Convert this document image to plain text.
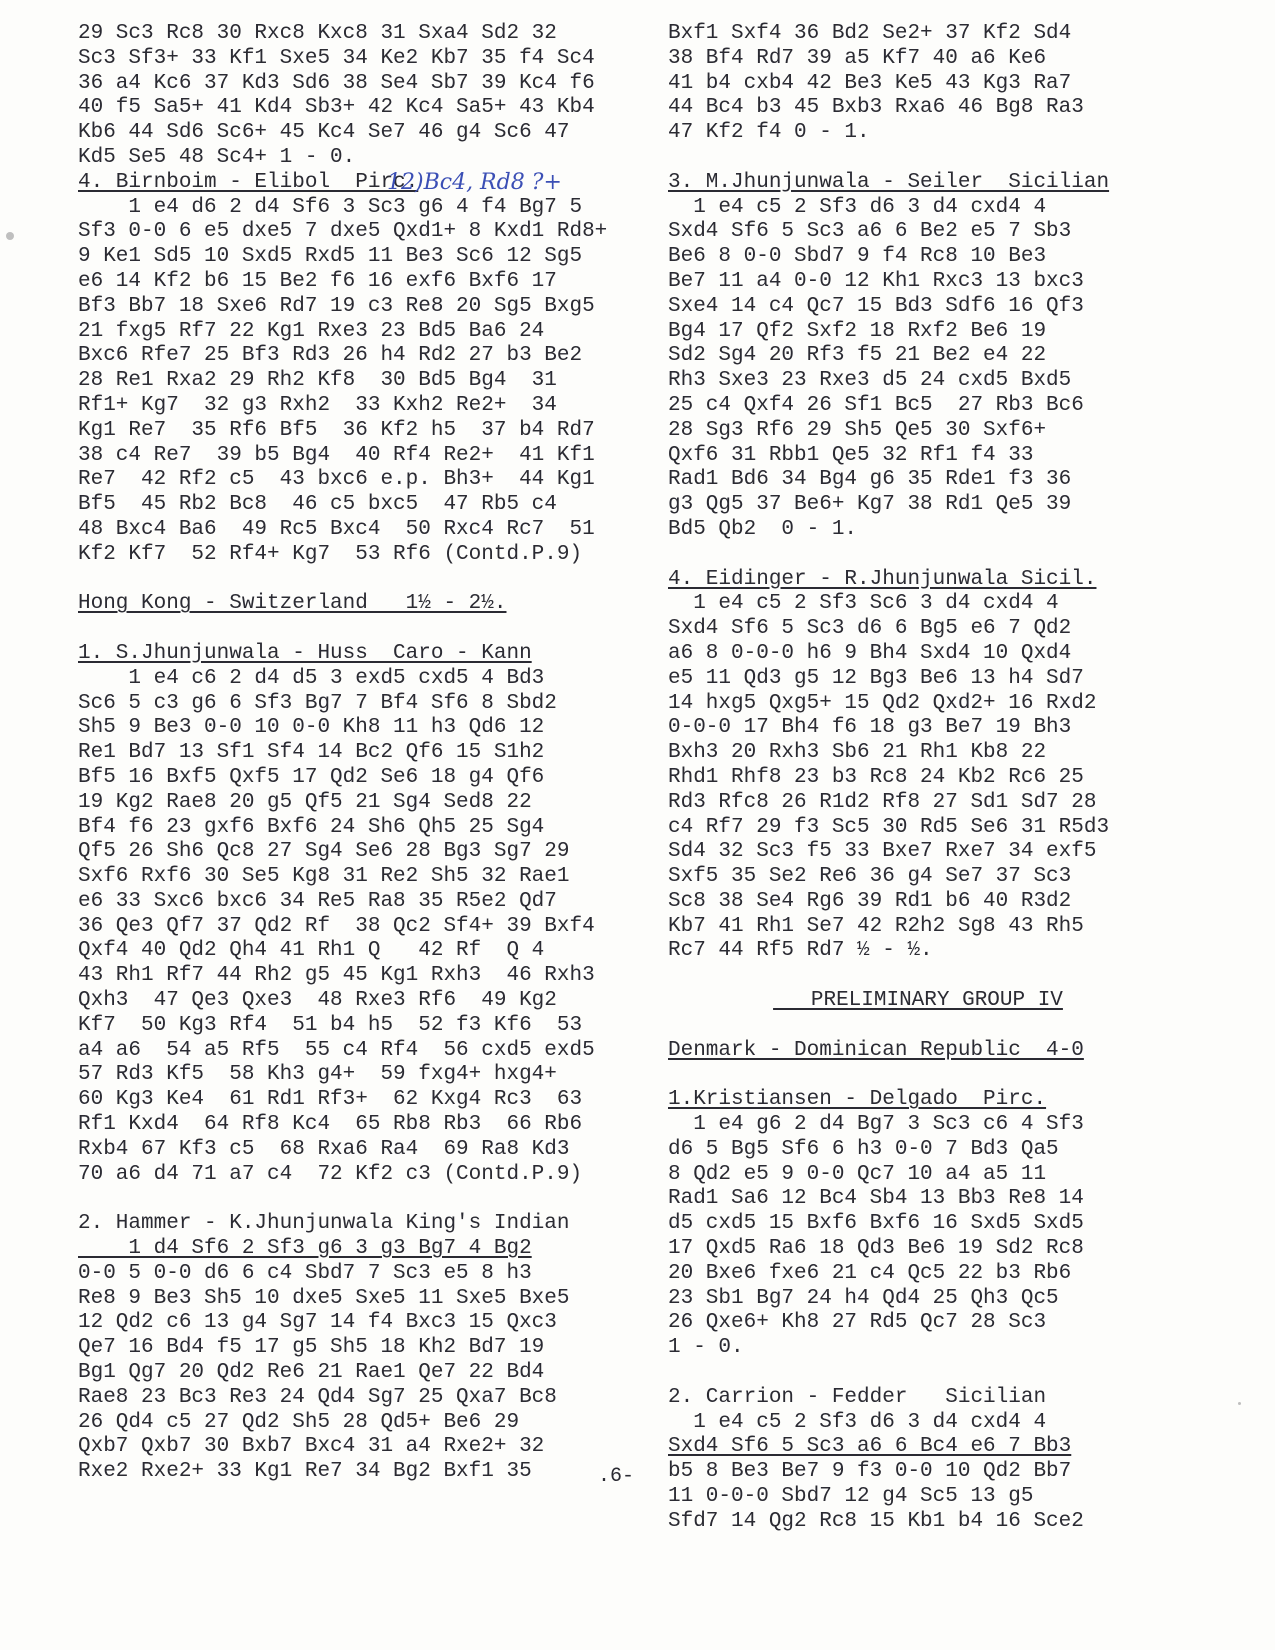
29 Sc3 Rc8 30 Rxc8 Kxc8 31 Sxa4 Sd2 32
Sc3 Sf3+ 33 Kf1 Sxe5 34 Ke2 Kb7 35 f4 Sc4
36 a4 Kc6 37 Kd3 Sd6 38 Se4 Sb7 39 Kc4 f6
40 f5 Sa5+ 41 Kd4 Sb3+ 42 Kc4 Sa5+ 43 Kb4
Kb6 44 Sd6 Sc6+ 45 Kc4 Se7 46 g4 Sc6 47
Kd5 Se5 48 Sc4+ 1 - 0.
4. Birnboim - Elibol  Pirc.
1 e4 d6 2 d4 Sf6 3 Sc3 g6 4 f4 Bg7 5
Sf3 0-0 6 e5 dxe5 7 dxe5 Qxd1+ 8 Kxd1 Rd8+
9 Ke1 Sd5 10 Sxd5 Rxd5 11 Be3 Sc6 12 Sg5
e6 14 Kf2 b6 15 Be2 f6 16 exf6 Bxf6 17
Bf3 Bb7 18 Sxe6 Rd7 19 c3 Re8 20 Sg5 Bxg5
21 fxg5 Rf7 22 Kg1 Rxe3 23 Bd5 Ba6 24
Bxc6 Rfe7 25 Bf3 Rd3 26 h4 Rd2 27 b3 Be2
28 Re1 Rxa2 29 Rh2 Kf8  30 Bd5 Bg4  31
Rf1+ Kg7  32 g3 Rxh2  33 Kxh2 Re2+  34
Kg1 Re7  35 Rf6 Bf5  36 Kf2 h5  37 b4 Rd7
38 c4 Re7  39 b5 Bg4  40 Rf4 Re2+  41 Kf1
Re7  42 Rf2 c5  43 bxc6 e.p. Bh3+  44 Kg1
Bf5  45 Rb2 Bc8  46 c5 bxc5  47 Rb5 c4
48 Bxc4 Ba6  49 Rc5 Bxc4  50 Rxc4 Rc7  51
Kf2 Kf7  52 Rf4+ Kg7  53 Rf6 (Contd.P.9)
Hong Kong - Switzerland   1½ - 2½.
1. S.Jhunjunwala - Huss  Caro - Kann
1 e4 c6 2 d4 d5 3 exd5 cxd5 4 Bd3
Sc6 5 c3 g6 6 Sf3 Bg7 7 Bf4 Sf6 8 Sbd2
Sh5 9 Be3 0-0 10 0-0 Kh8 11 h3 Qd6 12
Re1 Bd7 13 Sf1 Sf4 14 Bc2 Qf6 15 S1h2
Bf5 16 Bxf5 Qxf5 17 Qd2 Se6 18 g4 Qf6
19 Kg2 Rae8 20 g5 Qf5 21 Sg4 Sed8 22
Bf4 f6 23 gxf6 Bxf6 24 Sh6 Qh5 25 Sg4
Qf5 26 Sh6 Qc8 27 Sg4 Se6 28 Bg3 Sg7 29
Sxf6 Rxf6 30 Se5 Kg8 31 Re2 Sh5 32 Rae1
e6 33 Sxc6 bxc6 34 Re5 Ra8 35 R5e2 Qd7
36 Qe3 Qf7 37 Qd2 Rf  38 Qc2 Sf4+ 39 Bxf4
Qxf4 40 Qd2 Qh4 41 Rh1 Q   42 Rf  Q 4
43 Rh1 Rf7 44 Rh2 g5 45 Kg1 Rxh3  46 Rxh3
Qxh3  47 Qe3 Qxe3  48 Rxe3 Rf6  49 Kg2
Kf7  50 Kg3 Rf4  51 b4 h5  52 f3 Kf6  53
a4 a6  54 a5 Rf5  55 c4 Rf4  56 cxd5 exd5
57 Rd3 Kf5  58 Kh3 g4+  59 fxg4+ hxg4+
60 Kg3 Ke4  61 Rd1 Rf3+  62 Kxg4 Rc3  63
Rf1 Kxd4  64 Rf8 Kc4  65 Rb8 Rb3  66 Rb6
Rxb4 67 Kf3 c5  68 Rxa6 Ra4  69 Ra8 Kd3
70 a6 d4 71 a7 c4  72 Kf2 c3 (Contd.P.9)
2. Hammer - K.Jhunjunwala King's Indian
1 d4 Sf6 2 Sf3 g6 3 g3 Bg7 4 Bg2
0-0 5 0-0 d6 6 c4 Sbd7 7 Sc3 e5 8 h3
Re8 9 Be3 Sh5 10 dxe5 Sxe5 11 Sxe5 Bxe5
12 Qd2 c6 13 g4 Sg7 14 f4 Bxc3 15 Qxc3
Qe7 16 Bd4 f5 17 g5 Sh5 18 Kh2 Bd7 19
Bg1 Qg7 20 Qd2 Re6 21 Rae1 Qe7 22 Bd4
Rae8 23 Bc3 Re3 24 Qd4 Sg7 25 Qxa7 Bc8
26 Qd4 c5 27 Qd2 Sh5 28 Qd5+ Be6 29
Qxb7 Qxb7 30 Bxb7 Bxc4 31 a4 Rxe2+ 32
Rxe2 Rxe2+ 33 Kg1 Re7 34 Bg2 Bxf1 35
Bxf1 Sxf4 36 Bd2 Se2+ 37 Kf2 Sd4
38 Bf4 Rd7 39 a5 Kf7 40 a6 Ke6
41 b4 cxb4 42 Be3 Ke5 43 Kg3 Ra7
44 Bc4 b3 45 Bxb3 Rxa6 46 Bg8 Ra3
47 Kf2 f4 0 - 1.
3. M.Jhunjunwala - Seiler  Sicilian
1 e4 c5 2 Sf3 d6 3 d4 cxd4 4
Sxd4 Sf6 5 Sc3 a6 6 Be2 e5 7 Sb3
Be6 8 0-0 Sbd7 9 f4 Rc8 10 Be3
Be7 11 a4 0-0 12 Kh1 Rxc3 13 bxc3
Sxe4 14 c4 Qc7 15 Bd3 Sdf6 16 Qf3
Bg4 17 Qf2 Sxf2 18 Rxf2 Be6 19
Sd2 Sg4 20 Rf3 f5 21 Be2 e4 22
Rh3 Sxe3 23 Rxe3 d5 24 cxd5 Bxd5
25 c4 Qxf4 26 Sf1 Bc5  27 Rb3 Bc6
28 Sg3 Rf6 29 Sh5 Qe5 30 Sxf6+
Qxf6 31 Rbb1 Qe5 32 Rf1 f4 33
Rad1 Bd6 34 Bg4 g6 35 Rde1 f3 36
g3 Qg5 37 Be6+ Kg7 38 Rd1 Qe5 39
Bd5 Qb2  0 - 1.
4. Eidinger - R.Jhunjunwala Sicil.
1 e4 c5 2 Sf3 Sc6 3 d4 cxd4 4
Sxd4 Sf6 5 Sc3 d6 6 Bg5 e6 7 Qd2
a6 8 0-0-0 h6 9 Bh4 Sxd4 10 Qxd4
e5 11 Qd3 g5 12 Bg3 Be6 13 h4 Sd7
14 hxg5 Qxg5+ 15 Qd2 Qxd2+ 16 Rxd2
0-0-0 17 Bh4 f6 18 g3 Be7 19 Bh3
Bxh3 20 Rxh3 Sb6 21 Rh1 Kb8 22
Rhd1 Rhf8 23 b3 Rc8 24 Kb2 Rc6 25
Rd3 Rfc8 26 R1d2 Rf8 27 Sd1 Sd7 28
c4 Rf7 29 f3 Sc5 30 Rd5 Se6 31 R5d3
Sd4 32 Sc3 f5 33 Bxe7 Rxe7 34 exf5
Sxf5 35 Se2 Re6 36 g4 Se7 37 Sc3
Sc8 38 Se4 Rg6 39 Rd1 b6 40 R3d2
Kb7 41 Rh1 Se7 42 R2h2 Sg8 43 Rh5
Rc7 44 Rf5 Rd7 ½ - ½.
PRELIMINARY GROUP IV
Denmark - Dominican Republic  4-0
1.Kristiansen - Delgado  Pirc.
1 e4 g6 2 d4 Bg7 3 Sc3 c6 4 Sf3
d6 5 Bg5 Sf6 6 h3 0-0 7 Bd3 Qa5
8 Qd2 e5 9 0-0 Qc7 10 a4 a5 11
Rad1 Sa6 12 Bc4 Sb4 13 Bb3 Re8 14
d5 cxd5 15 Bxf6 Bxf6 16 Sxd5 Sxd5
17 Qxd5 Ra6 18 Qd3 Be6 19 Sd2 Rc8
20 Bxe6 fxe6 21 c4 Qc5 22 b3 Rb6
23 Sb1 Bg7 24 h4 Qd4 25 Qh3 Qc5
26 Qxe6+ Kh8 27 Rd5 Qc7 28 Sc3
1 - 0.
2. Carrion - Fedder   Sicilian
1 e4 c5 2 Sf3 d6 3 d4 cxd4 4
Sxd4 Sf6 5 Sc3 a6 6 Bc4 e6 7 Bb3
b5 8 Be3 Be7 9 f3 0-0 10 Qd2 Bb7
11 0-0-0 Sbd7 12 g4 Sc5 13 g5
Sfd7 14 Qg2 Rc8 15 Kb1 b4 16 Sce2
12)Bc4, Rd8 ?+
.6-
